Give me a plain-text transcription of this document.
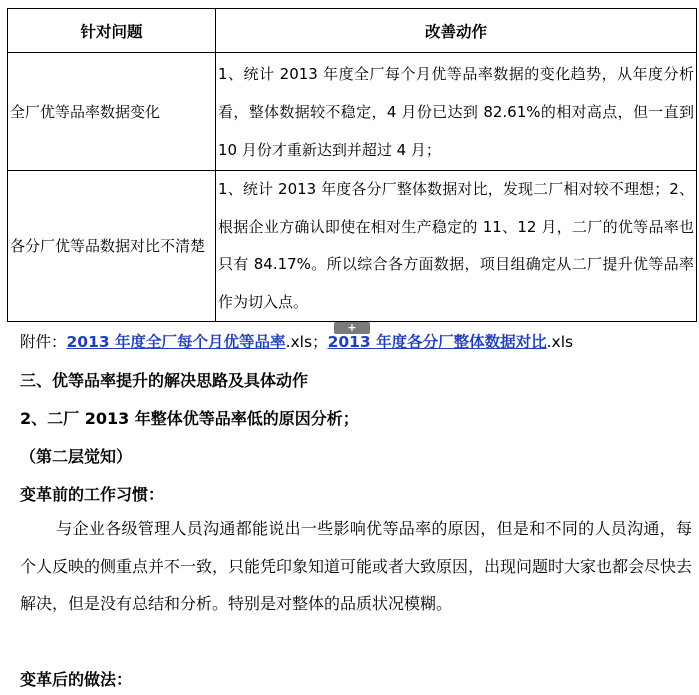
针对问题	改善动作
全厂优等品率数据变化	1、统计 2013 年度全厂每个月优等品率数据的变化趋势，从年度分析看，整体数据较不稳定，4 月份已达到 82.61%的相对高点，但一直到 10 月份才重新达到并超过 4 月；
各分厂优等品数据对比不清楚	1、统计 2013 年度各分厂整体数据对比，发现二厂相对较不理想；2、根据企业方确认即使在相对生产稳定的 11、12 月，二厂的优等品率也只有 84.17%。所以综合各方面数据，项目组确定从二厂提升优等品率作为切入点。
+
附件：2013 年度全厂每个月优等品率.xls；2013 年度各分厂整体数据对比.xls
三、优等品率提升的解决思路及具体动作
2、二厂 2013 年整体优等品率低的原因分析；
（第二层觉知）
变革前的工作习惯：
与企业各级管理人员沟通都能说出一些影响优等品率的原因，但是和不同的人员沟通，每个人反映的侧重点并不一致，只能凭印象知道可能或者大致原因，出现问题时大家也都会尽快去解决，但是没有总结和分析。特别是对整体的品质状况模糊。
变革后的做法：
